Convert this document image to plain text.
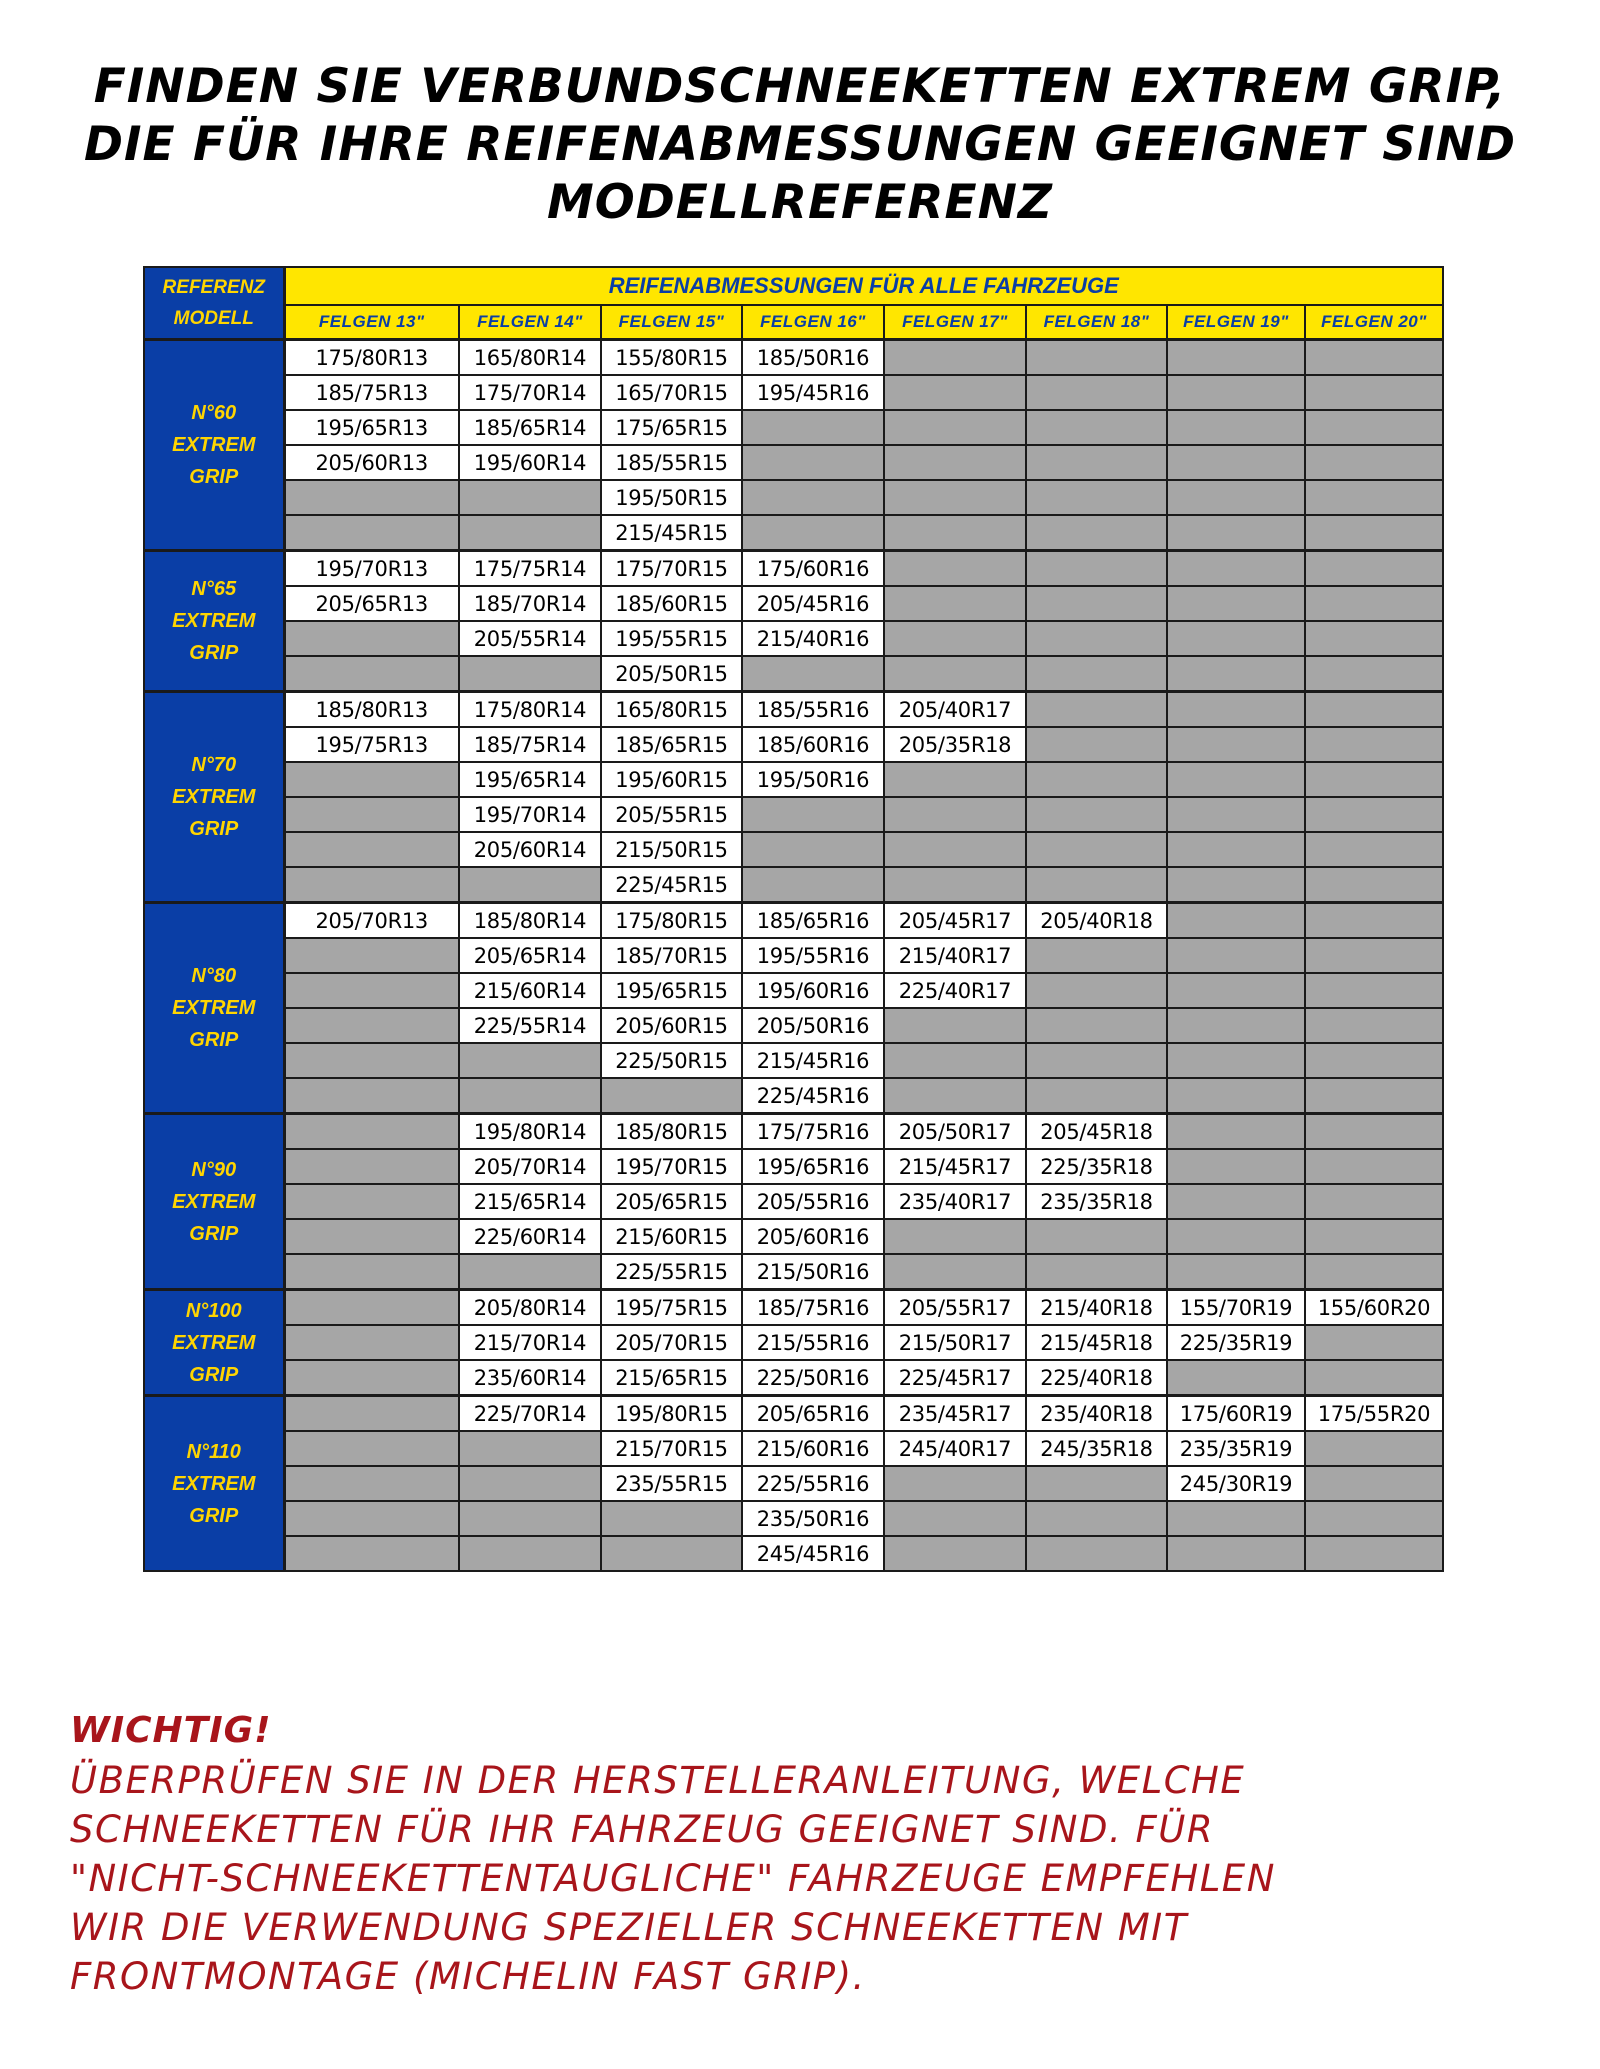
FINDEN SIE VERBUNDSCHNEEKETTEN EXTREM GRIP, DIE FÜR IHRE REIFENABMESSUNGEN GEEIGNET SIND MODELLREFERENZ
REFERENZ
MODELL	REIFENABMESSUNGEN FÜR ALLE FAHRZEUGE							
	FELGEN 13"	FELGEN 14"	FELGEN 15"	FELGEN 16"	FELGEN 17"	FELGEN 18"	FELGEN 19"	FELGEN 20"

N°60
EXTREM
GRIP	175/80R13	165/80R14	155/80R15	185/50R16				
	185/75R13	175/70R14	165/70R15	195/45R16				
	195/65R13	185/65R14	175/65R15					
	205/60R13	195/60R14	185/55R15					
			195/50R15					
			215/45R15					

N°65
EXTREM
GRIP	195/70R13	175/75R14	175/70R15	175/60R16				
	205/65R13	185/70R14	185/60R15	205/45R16				
		205/55R14	195/55R15	215/40R16				
			205/50R15					

N°70
EXTREM
GRIP	185/80R13	175/80R14	165/80R15	185/55R16	205/40R17			
	195/75R13	185/75R14	185/65R15	185/60R16	205/35R18			
		195/65R14	195/60R15	195/50R16				
		195/70R14	205/55R15					
		205/60R14	215/50R15					
			225/45R15					

N°80
EXTREM
GRIP	205/70R13	185/80R14	175/80R15	185/65R16	205/45R17	205/40R18		
		205/65R14	185/70R15	195/55R16	215/40R17			
		215/60R14	195/65R15	195/60R16	225/40R17			
		225/55R14	205/60R15	205/50R16				
			225/50R15	215/45R16				
				225/45R16				

N°90
EXTREM
GRIP		195/80R14	185/80R15	175/75R16	205/50R17	205/45R18		
		205/70R14	195/70R15	195/65R16	215/45R17	225/35R18		
		215/65R14	205/65R15	205/55R16	235/40R17	235/35R18		
		225/60R14	215/60R15	205/60R16				
			225/55R15	215/50R16				

N°100
EXTREM
GRIP		205/80R14	195/75R15	185/75R16	205/55R17	215/40R18	155/70R19	155/60R20
		215/70R14	205/70R15	215/55R16	215/50R17	215/45R18	225/35R19	
		235/60R14	215/65R15	225/50R16	225/45R17	225/40R18		

N°110
EXTREM
GRIP		225/70R14	195/80R15	205/65R16	235/45R17	235/40R18	175/60R19	175/55R20
			215/70R15	215/60R16	245/40R17	245/35R18	235/35R19	
			235/55R15	225/55R16			245/30R19	
				235/50R16				
				245/45R16				
WICHTIG!
ÜBERPRÜFEN SIE IN DER HERSTELLERANLEITUNG, WELCHE
SCHNEEKETTEN FÜR IHR FAHRZEUG GEEIGNET SIND. FÜR
"NICHT-SCHNEEKETTENTAUGLICHE" FAHRZEUGE EMPFEHLEN
WIR DIE VERWENDUNG SPEZIELLER SCHNEEKETTEN MIT
FRONTMONTAGE (MICHELIN FAST GRIP).
